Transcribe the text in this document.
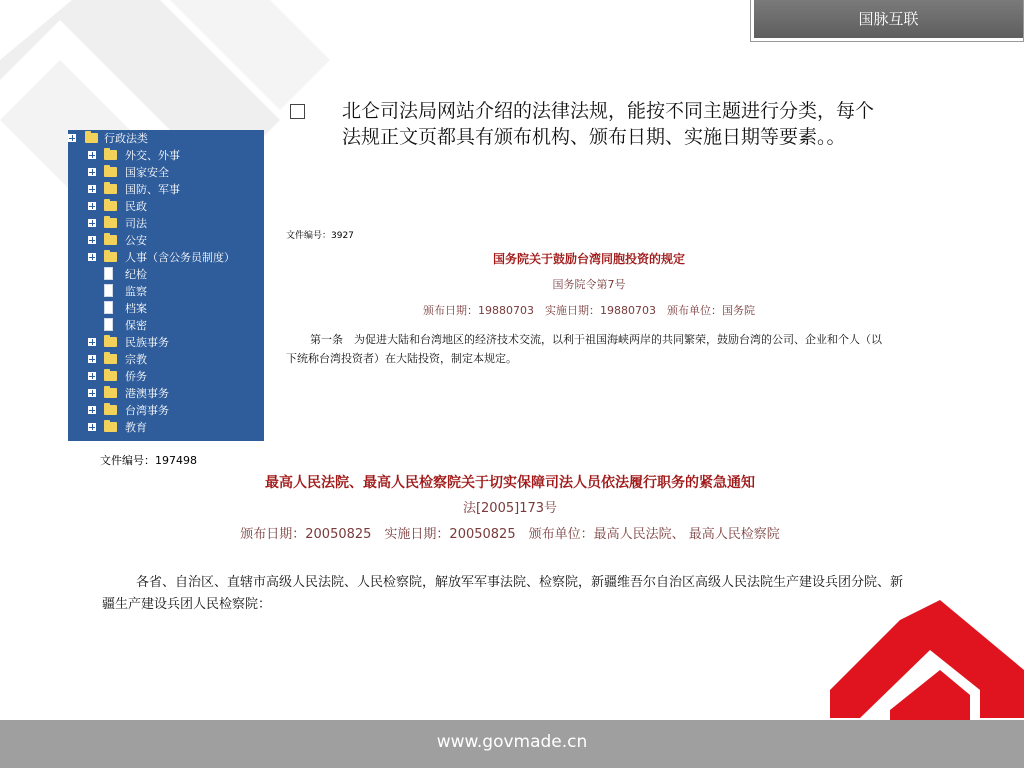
国脉互联
北仑司法局网站介绍的法律法规，能按不同主题进行分类，每个法规正文页都具有颁布机构、颁布日期、实施日期等要素。。
行政法类
外交、外事
国家安全
国防、军事
民政
司法
公安
人事（含公务员制度）
纪检
监察
档案
保密
民族事务
宗教
侨务
港澳事务
台湾事务
教育
文件编号：3927
国务院关于鼓励台湾同胞投资的规定
国务院令第7号
颁布日期：19880703　实施日期：19880703　颁布单位：国务院
第一条　为促进大陆和台湾地区的经济技术交流，以利于祖国海峡两岸的共同繁荣，鼓励台湾的公司、企业和个人（以下统称台湾投资者）在大陆投资，制定本规定。
文件编号：197498
最高人民法院、最高人民检察院关于切实保障司法人员依法履行职务的紧急通知
法[2005]173号
颁布日期：20050825　实施日期：20050825　颁布单位：最高人民法院、 最高人民检察院
各省、自治区、直辖市高级人民法院、人民检察院，解放军军事法院、检察院，新疆维吾尔自治区高级人民法院生产建设兵团分院、新疆生产建设兵团人民检察院：
www.govmade.cn
